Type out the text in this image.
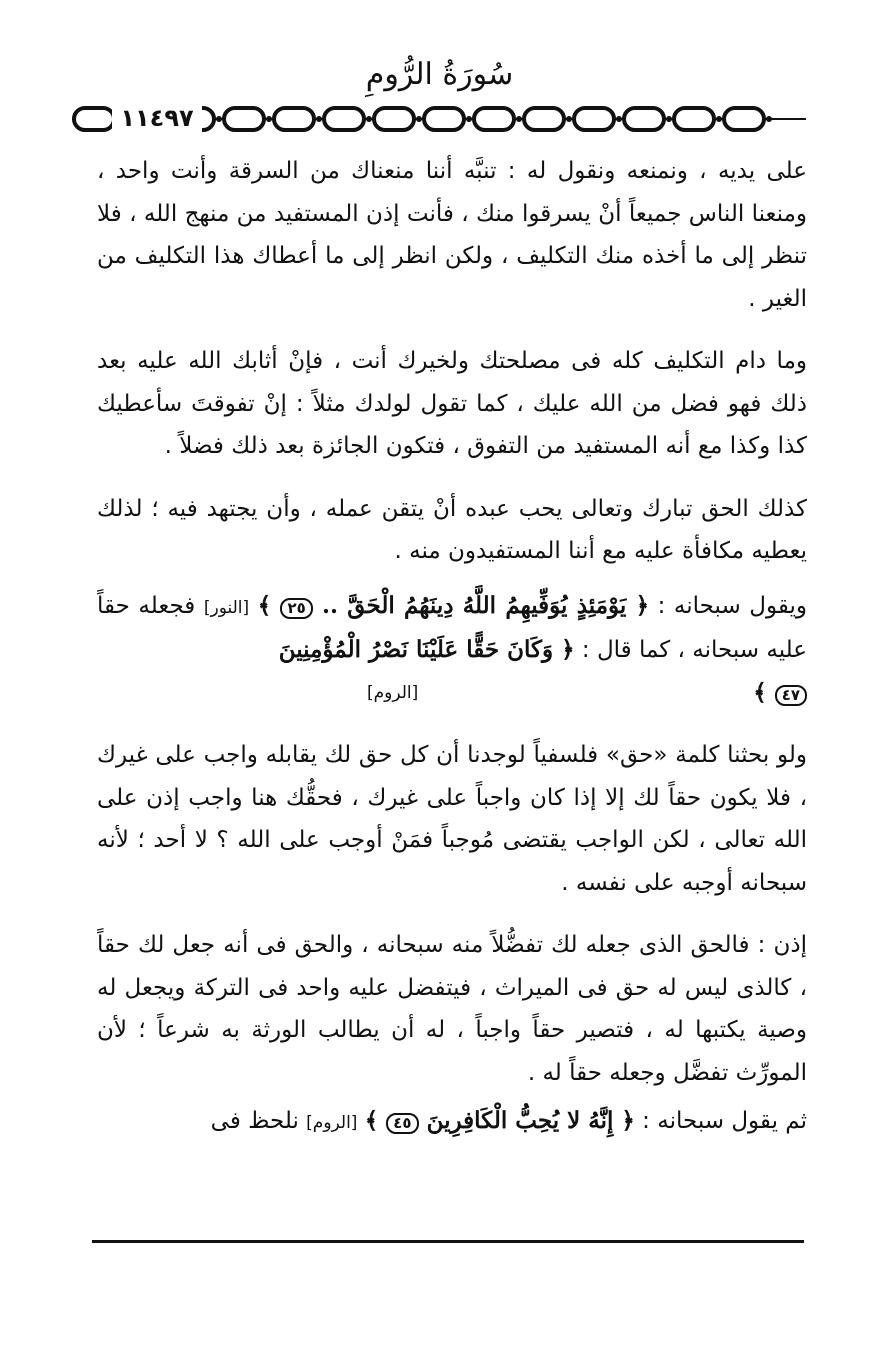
سُورَةُ الرُّومِ
١١٤٩٧

على يديه ، ونمنعه ونقول له : تنبَّه أننا منعناك من السرقة وأنت واحد ، ومنعنا الناس جميعاً أنْ يسرقوا منك ، فأنت إذن المستفيد من منهج الله ، فلا تنظر إلى ما أخذه منك التكليف ، ولكن انظر إلى ما أعطاك هذا التكليف من الغير .

وما دام التكليف كله فى مصلحتك ولخيرك أنت ، فإنْ أثابك الله عليه بعد ذلك فهو فضل من الله عليك ، كما تقول لولدك مثلاً : إنْ تفوقتَ سأعطيك كذا وكذا مع أنه المستفيد من التفوق ، فتكون الجائزة بعد ذلك فضلاً .

كذلك الحق تبارك وتعالى يحب عبده أنْ يتقن عمله ، وأن يجتهد فيه ؛ لذلك يعطيه مكافأة عليه مع أننا المستفيدون منه .

ويقول سبحانه : ﴿ يَوْمَئِذٍ يُوَفِّيهِمُ اللَّهُ دِينَهُمُ الْحَقَّ .. ٢٥ ﴾ [النور] فجعله حقاً عليه سبحانه ، كما قال : ﴿ وَكَانَ حَقًّا عَلَيْنَا نَصْرُ الْمُؤْمِنِينَ

٤٧ ﴾
[الروم]

ولو بحثنا كلمة «حق» فلسفياً لوجدنا أن كل حق لك يقابله واجب على غيرك ، فلا يكون حقاً لك إلا إذا كان واجباً على غيرك ، فحقُّك هنا واجب إذن على الله تعالى ، لكن الواجب يقتضى مُوجباً فمَنْ أوجب على الله ؟ لا أحد ؛ لأنه سبحانه أوجبه على نفسه .

إذن : فالحق الذى جعله لك تفضُّلاً منه سبحانه ، والحق فى أنه جعل لك حقاً ، كالذى ليس له حق فى الميراث ، فيتفضل عليه واحد فى التركة ويجعل له وصية يكتبها له ، فتصير حقاً واجباً ، له أن يطالب الورثة به شرعاً ؛ لأن المورِّث تفضَّل وجعله حقاً له .

ثم يقول سبحانه : ﴿ إِنَّهُ لا يُحِبُّ الْكَافِرِينَ ٤٥ ﴾ [الروم] نلحظ فى
